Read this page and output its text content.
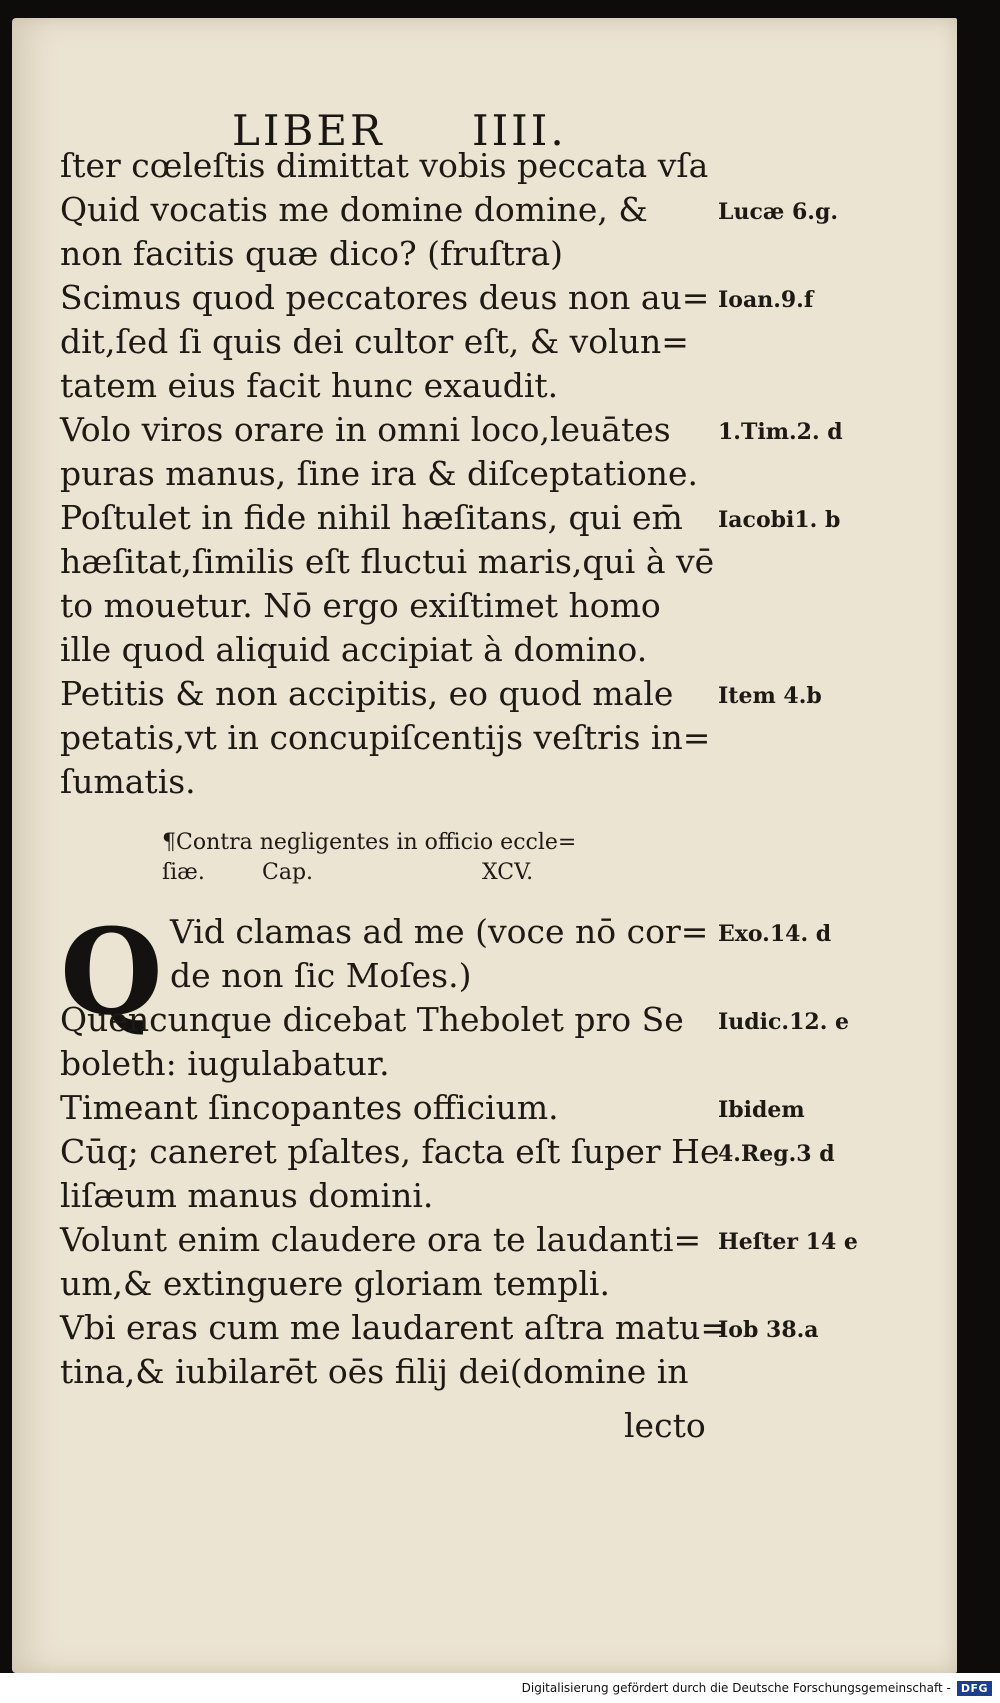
LIBER IIII.
ſter cœleſtis dimittat vobis peccata vſa
Quid vocatis me domine domine, &
non facitis quæ dico? (fruſtra)
Scimus quod peccatores deus non au=
dit,ſed ſi quis dei cultor eſt, & volun=
tatem eius facit hunc exaudit.
Volo viros orare in omni loco,leuātes
puras manus, ſine ira & diſceptatione.
Poſtulet in fide nihil hæſitans, qui em̄
hæſitat,ſimilis eſt fluctui maris,qui à vē
to mouetur. Nō ergo exiſtimet homo
ille quod aliquid accipiat à domino.
Petitis & non accipitis, eo quod male
petatis,vt in concupiſcentijs veſtris in=
ſumatis.
Lucæ 6.g.
Ioan.9.f
1.Tim.2. d
Iacobi1. b
Item 4.b
¶Contra negligentes in officio eccle=
ſiæ.	Cap.	XCV.
Q Vid clamas ad me (voce nō cor=
de non ſic Moſes.)
Quencunque dicebat Thebolet pro Se
boleth: iugulabatur.
Timeant ſincopantes officium.
Cūq; caneret pſaltes, facta eſt ſuper He
liſæum manus domini.
Volunt enim claudere ora te laudanti=
um,& extinguere gloriam templi.
Vbi eras cum me laudarent aſtra matu=
tina,& iubilarēt oēs filij dei(domine in
Exo.14. d
Iudic.12. e
Ibidem
4.Reg.3 d
Heſter 14 e
Iob 38.a
lecto
Digitalisierung gefördert durch die Deutsche Forschungsgemeinschaft - DFG
